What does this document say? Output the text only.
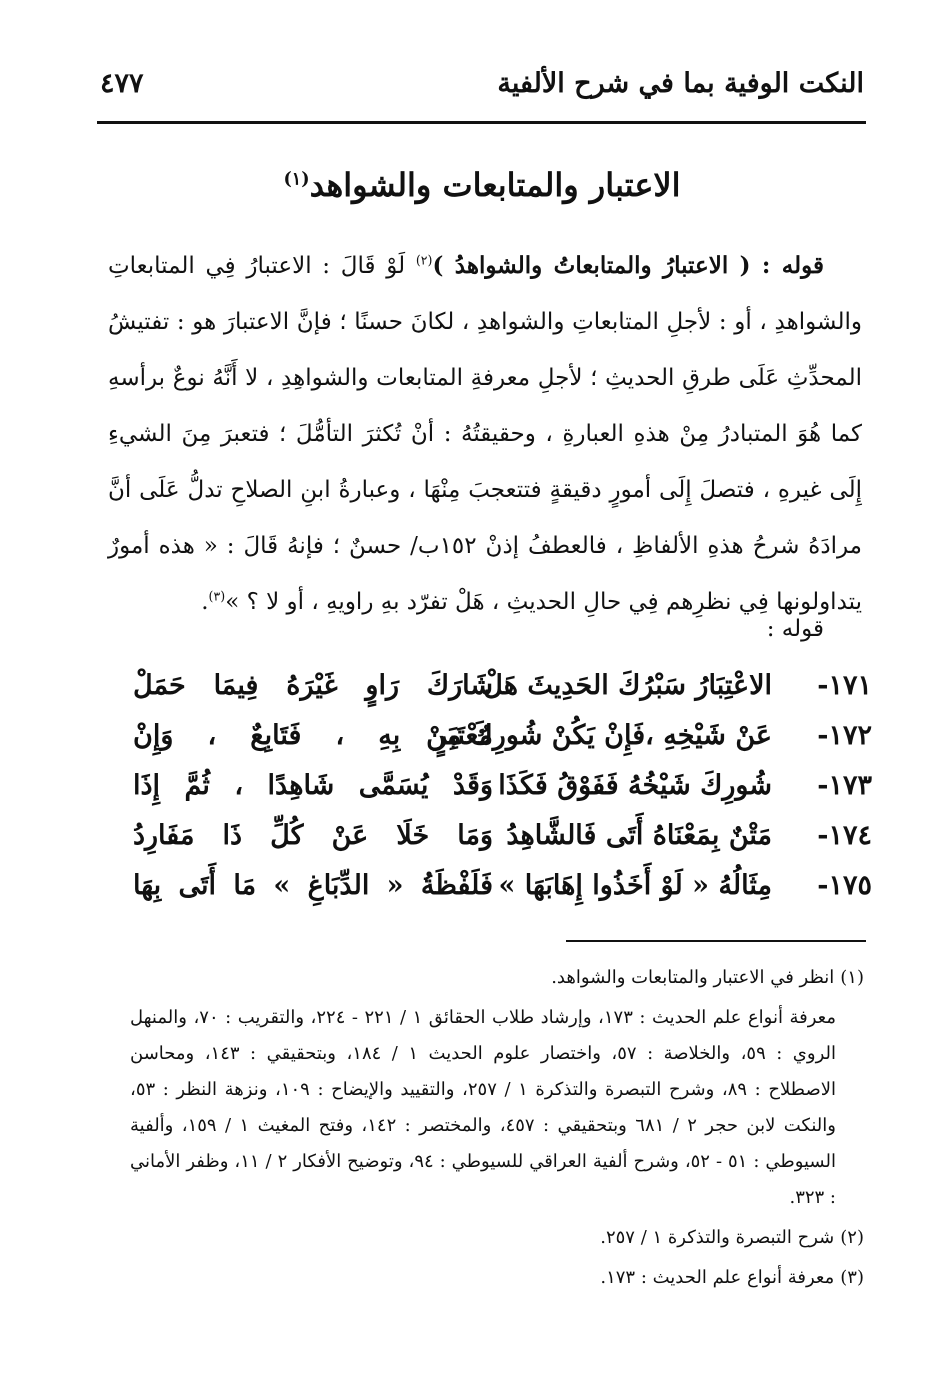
النكت الوفية بما في شرح الألفية
٤٧٧
الاعتبار والمتابعات والشواهد$^{(١)}$

قوله : ( الاعتبارُ والمتابعاتُ والشواهدُ )$^{(٢)}$ لَوْ قَالَ : الاعتبارُ فِي المتابعاتِ والشواهدِ ، أو : لأجلِ المتابعاتِ والشواهدِ ، لكانَ حسنًا ؛ فإنَّ الاعتبارَ هو : تفتيشُ المحدِّثِ عَلَى طرقِ الحديثِ ؛ لأجلِ معرفةِ المتابعات والشواهِدِ ، لا أَنَّهُ نوعٌ برأسهِ كما هُوَ المتبادرُ مِنْ هذهِ العبارةِ ، وحقيقتُهُ : أنْ تُكثرَ التأمُّلَ ؛ فتعبرَ مِنَ الشيءِ إِلَى غيرهِ ، فتصلَ إِلَى أمورٍ دقيقةٍ فتتعجبَ مِنْهَا ، وعبارةُ ابنِ الصلاحِ تدلُّ عَلَى أنَّ مرادَهُ شرحُ هذهِ الألفاظِ ، فالعطفُ إذنْ ١٥٢ب/ حسنٌ ؛ فإنهُ قَالَ : « هذه أمورٌ يتداولونها فِي نظرِهم فِي حالِ الحديثِ ، هَلْ تفرّد بهِ راويهِ ، أو لا ؟ »$^{(٣)}$.

قوله :
١٧١-
الاعْتِبَارُ سَبْرُكَ الحَدِيثَ هَلْ
شَارَكَ رَاوٍ غَيْرَهُ فِيمَا حَمَلْ
١٧٢-
عَنْ شَيْخِهِ ،فَإِنْ يَكُنْ شُورِكَ مِنْ
مُعْتَبَرٍ بِهِ ، فَتَابِعٌ ، وَإِنْ
١٧٣-
شُورِكَ شَيْخُهُ فَفَوْقُ فَكَذَا
وَقَدْ يُسَمَّى شَاهِدًا ، ثُمَّ إِذَا
١٧٤-
مَتْنٌ بِمَعْنَاهُ أَتَى فَالشَّاهِدُ
وَمَا خَلَا عَنْ كُلِّ ذَا مَفَارِدُ
١٧٥-
مِثَالُهُ « لَوْ أَخَذُوا إِهَابَهَا »
فَلَفْظَةُ « الدِّبَاغِ » مَا أَتَى بِهَا

(١)انظر في الاعتبار والمتابعات والشواهد.

معرفة أنواع علم الحديث : ١٧٣، وإرشاد طلاب الحقائق ١ / ٢٢١ - ٢٢٤، والتقريب : ٧٠، والمنهل الروي : ٥٩، والخلاصة : ٥٧، واختصار علوم الحديث ١ / ١٨٤، وبتحقيقي : ١٤٣، ومحاسن الاصطلاح : ٨٩، وشرح التبصرة والتذكرة ١ / ٢٥٧، والتقييد والإيضاح : ١٠٩، ونزهة النظر : ٥٣، والنكت لابن حجر ٢ / ٦٨١ وبتحقيقي : ٤٥٧، والمختصر : ١٤٢، وفتح المغيث ١ / ١٥٩، وألفية السيوطي : ٥١ - ٥٢، وشرح ألفية العراقي للسيوطي : ٩٤، وتوضيح الأفكار ٢ / ١١، وظفر الأماني : ٣٢٣.

(٢)شرح التبصرة والتذكرة ١ / ٢٥٧.

(٣)معرفة أنواع علم الحديث : ١٧٣.
